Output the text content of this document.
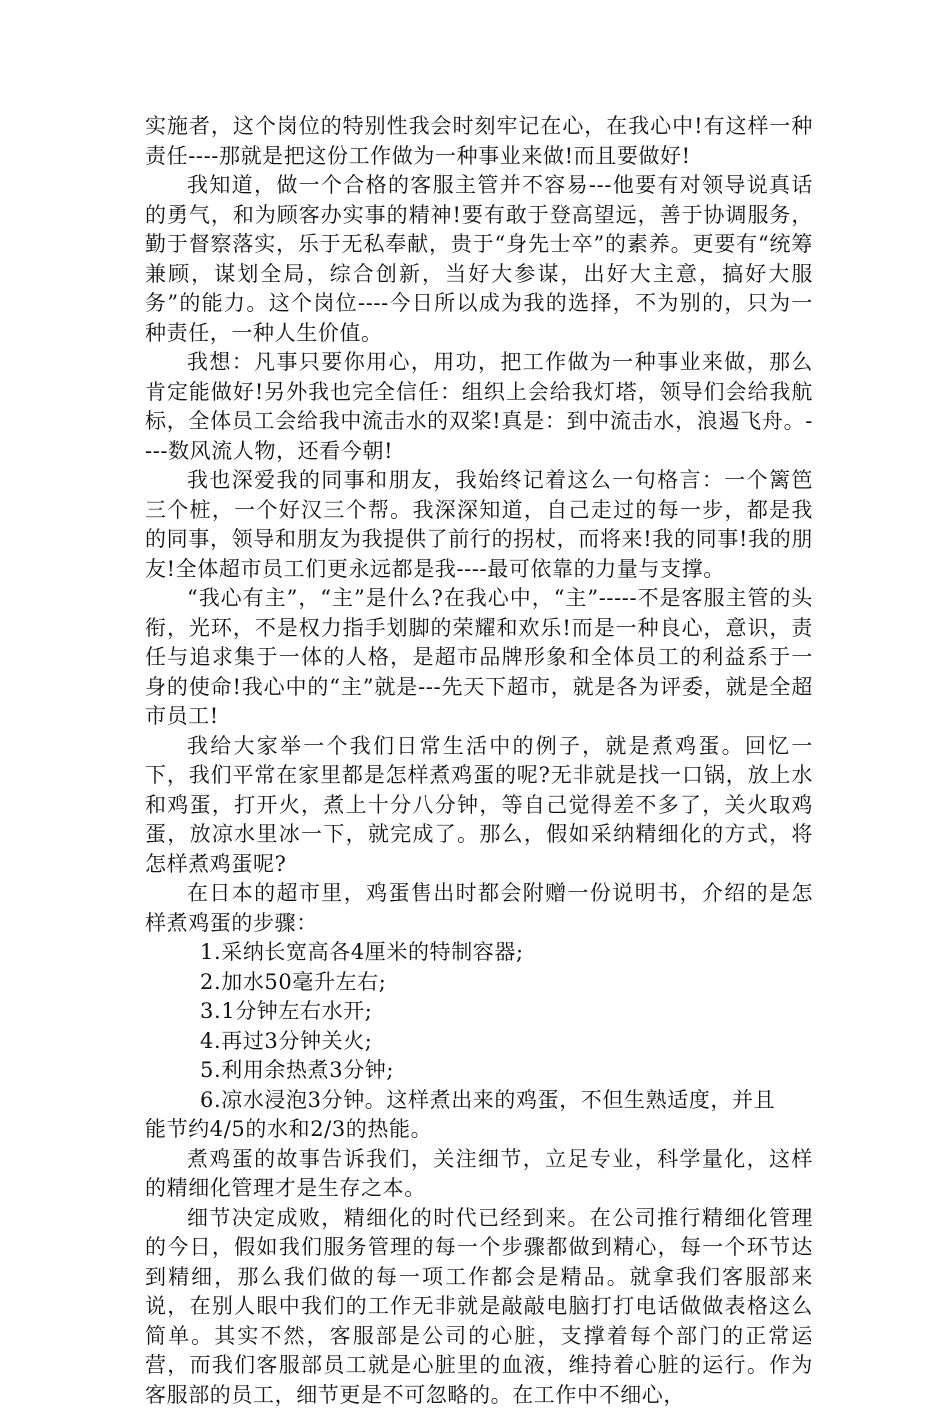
实施者，这个岗位的特别性我会时刻牢记在心，在我心中!有这样一种责任----那就是把这份工作做为一种事业来做!而且要做好!

我知道，做一个合格的客服主管并不容易---他要有对领导说真话的勇气，和为顾客办实事的精神!要有敢于登高望远，善于协调服务，勤于督察落实，乐于无私奉献，贵于“身先士卒”的素养。更要有“统筹兼顾，谋划全局，综合创新，当好大参谋，出好大主意，搞好大服务”的能力。这个岗位----今日所以成为我的选择，不为别的，只为一种责任，一种人生价值。

我想：凡事只要你用心，用功，把工作做为一种事业来做，那么肯定能做好!另外我也完全信任：组织上会给我灯塔，领导们会给我航标，全体员工会给我中流击水的双桨!真是：到中流击水，浪遏飞舟。----数风流人物，还看今朝!

我也深爱我的同事和朋友，我始终记着这么一句格言：一个篱笆三个桩，一个好汉三个帮。我深深知道，自己走过的每一步，都是我的同事，领导和朋友为我提供了前行的拐杖，而将来!我的同事!我的朋友!全体超市员工们更永远都是我----最可依靠的力量与支撑。

“我心有主”，“主”是什么?在我心中，“主”-----不是客服主管的头衔，光环，不是权力指手划脚的荣耀和欢乐!而是一种良心，意识，责任与追求集于一体的人格，是超市品牌形象和全体员工的利益系于一身的使命!我心中的“主”就是---先天下超市，就是各为评委，就是全超市员工!

我给大家举一个我们日常生活中的例子，就是煮鸡蛋。回忆一下，我们平常在家里都是怎样煮鸡蛋的呢?无非就是找一口锅，放上水和鸡蛋，打开火，煮上十分八分钟，等自己觉得差不多了，关火取鸡蛋，放凉水里冰一下，就完成了。那么，假如采纳精细化的方式，将怎样煮鸡蛋呢?

在日本的超市里，鸡蛋售出时都会附赠一份说明书，介绍的是怎样煮鸡蛋的步骤：

1.采纳长宽高各4厘米的特制容器;

2.加水50毫升左右;

3.1分钟左右水开;

4.再过3分钟关火;

5.利用余热煮3分钟;

6.凉水浸泡3分钟。这样煮出来的鸡蛋，不但生熟适度，并且

能节约4/5的水和2/3的热能。

煮鸡蛋的故事告诉我们，关注细节，立足专业，科学量化，这样的精细化管理才是生存之本。

细节决定成败，精细化的时代已经到来。在公司推行精细化管理的今日，假如我们服务管理的每一个步骤都做到精心，每一个环节达到精细，那么我们做的每一项工作都会是精品。就拿我们客服部来说，在别人眼中我们的工作无非就是敲敲电脑打打电话做做表格这么简单。其实不然，客服部是公司的心脏，支撑着每个部门的正常运营，而我们客服部员工就是心脏里的血液，维持着心脏的运行。作为客服部的员工，细节更是不可忽略的。在工作中不细心，
